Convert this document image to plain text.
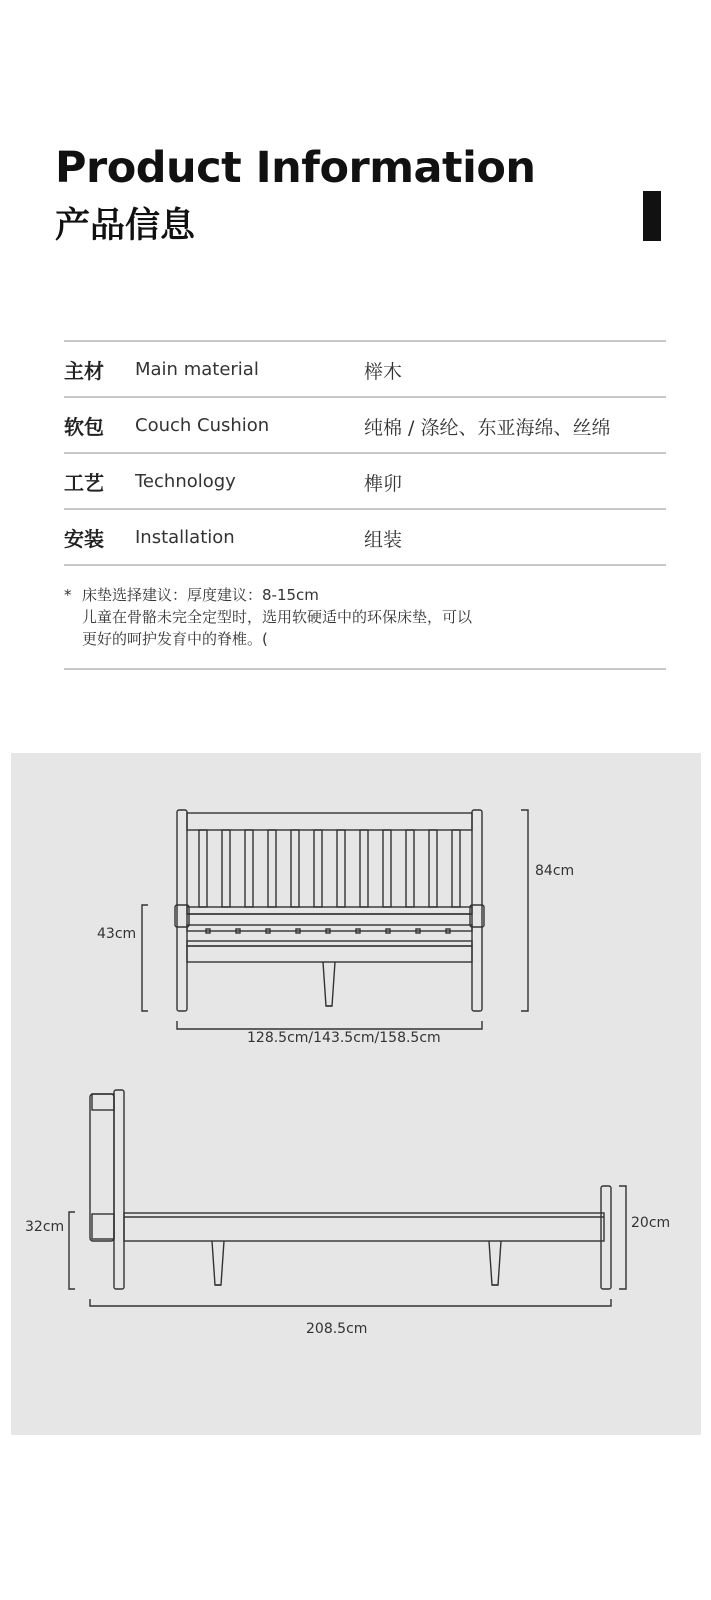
Product Information
产品信息
主材 Main material	榉木
软包 Couch Cushion	纯棉 / 涤纶、东亚海绵、丝绵
工艺 Technology	榫卯
安装 Installation	组装
* 床垫选择建议：厚度建议：8-15cm
儿童在骨骼未完全定型时，选用软硬适中的环保床垫，可以
更好的呵护发育中的脊椎。(
84cm
43cm
128.5cm/143.5cm/158.5cm
32cm	20cm
208.5cm
